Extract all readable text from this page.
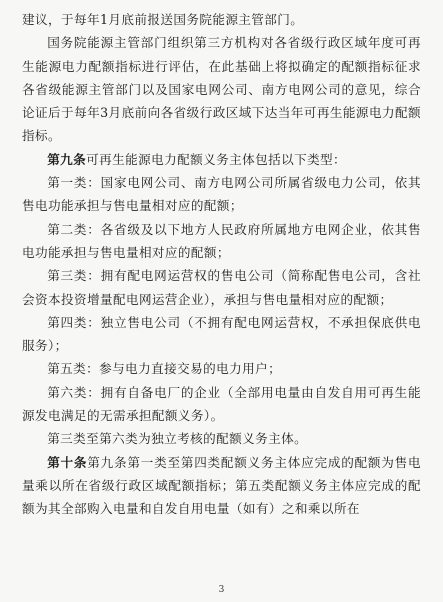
建议，于每年1月底前报送国务院能源主管部门。

国务院能源主管部门组织第三方机构对各省级行政区域年度可再生能源电力配额指标进行评估，在此基础上将拟确定的配额指标征求各省级能源主管部门以及国家电网公司、南方电网公司的意见，综合论证后于每年3月底前向各省级行政区域下达当年可再生能源电力配额指标。

第九条可再生能源电力配额义务主体包括以下类型：

第一类：国家电网公司、南方电网公司所属省级电力公司，依其售电功能承担与售电量相对应的配额；

第二类：各省级及以下地方人民政府所属地方电网企业，依其售电功能承担与售电量相对应的配额；

第三类：拥有配电网运营权的售电公司（简称配售电公司，含社会资本投资增量配电网运营企业），承担与售电量相对应的配额；

第四类：独立售电公司（不拥有配电网运营权，不承担保底供电服务）；

第五类：参与电力直接交易的电力用户；

第六类：拥有自备电厂的企业（全部用电量由自发自用可再生能源发电满足的无需承担配额义务）。

第三类至第六类为独立考核的配额义务主体。

第十条第九条第一类至第四类配额义务主体应完成的配额为售电量乘以所在省级行政区域配额指标；第五类配额义务主体应完成的配额为其全部购入电量和自发自用电量（如有）之和乘以所在

3
